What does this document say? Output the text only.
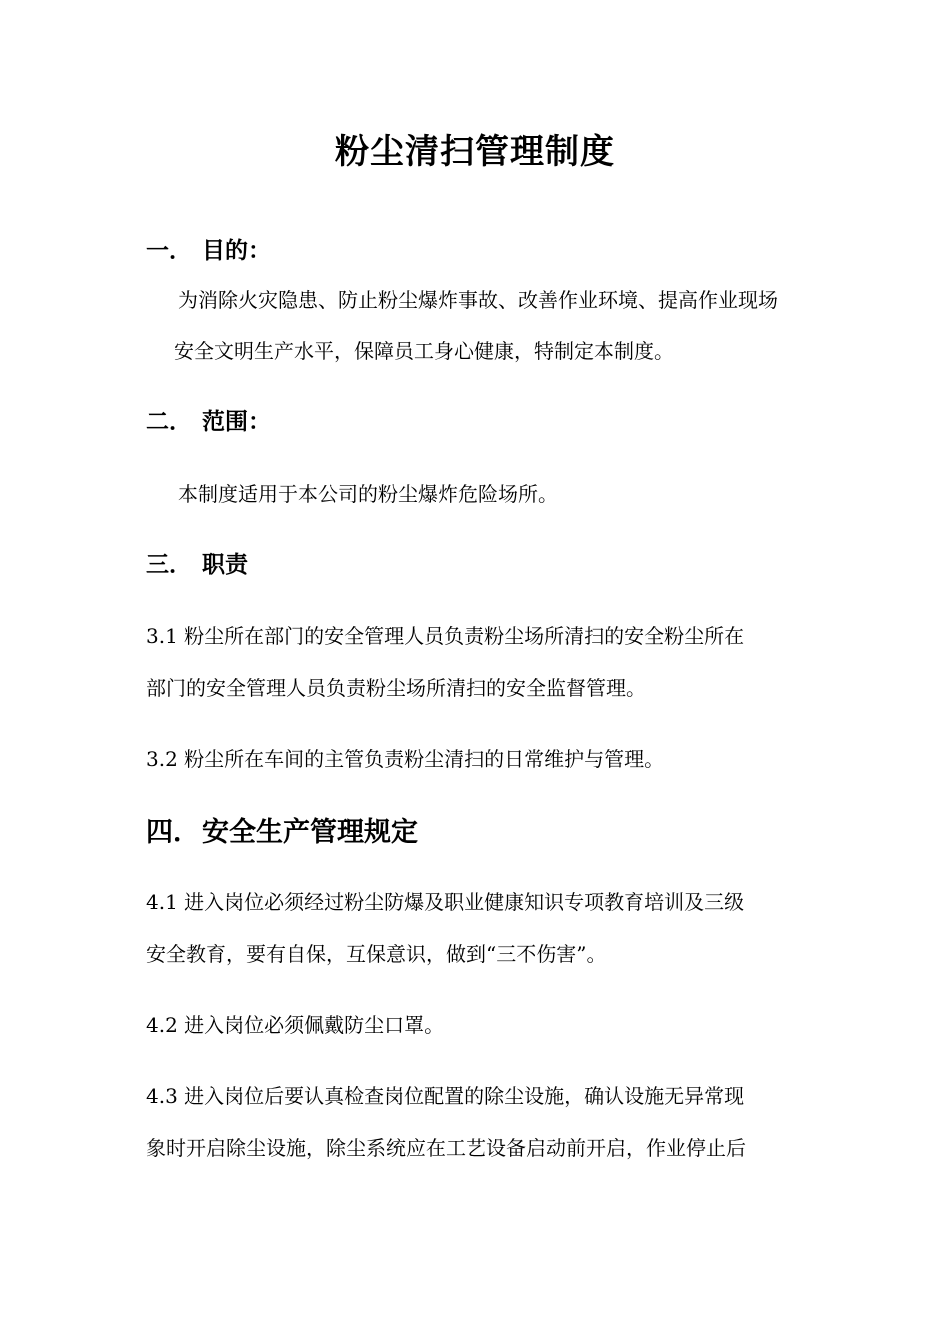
粉尘清扫管理制度
一． 目的：
为消除火灾隐患、防止粉尘爆炸事故、改善作业环境、提高作业现场
安全文明生产水平，保障员工身心健康，特制定本制度。
二． 范围：
本制度适用于本公司的粉尘爆炸危险场所。
三． 职责
3.1 粉尘所在部门的安全管理人员负责粉尘场所清扫的安全粉尘所在
部门的安全管理人员负责粉尘场所清扫的安全监督管理。
3.2 粉尘所在车间的主管负责粉尘清扫的日常维护与管理。
四．安全生产管理规定
4.1 进入岗位必须经过粉尘防爆及职业健康知识专项教育培训及三级
安全教育，要有自保，互保意识，做到“三不伤害”。
4.2 进入岗位必须佩戴防尘口罩。
4.3 进入岗位后要认真检查岗位配置的除尘设施，确认设施无异常现
象时开启除尘设施，除尘系统应在工艺设备启动前开启，作业停止后
